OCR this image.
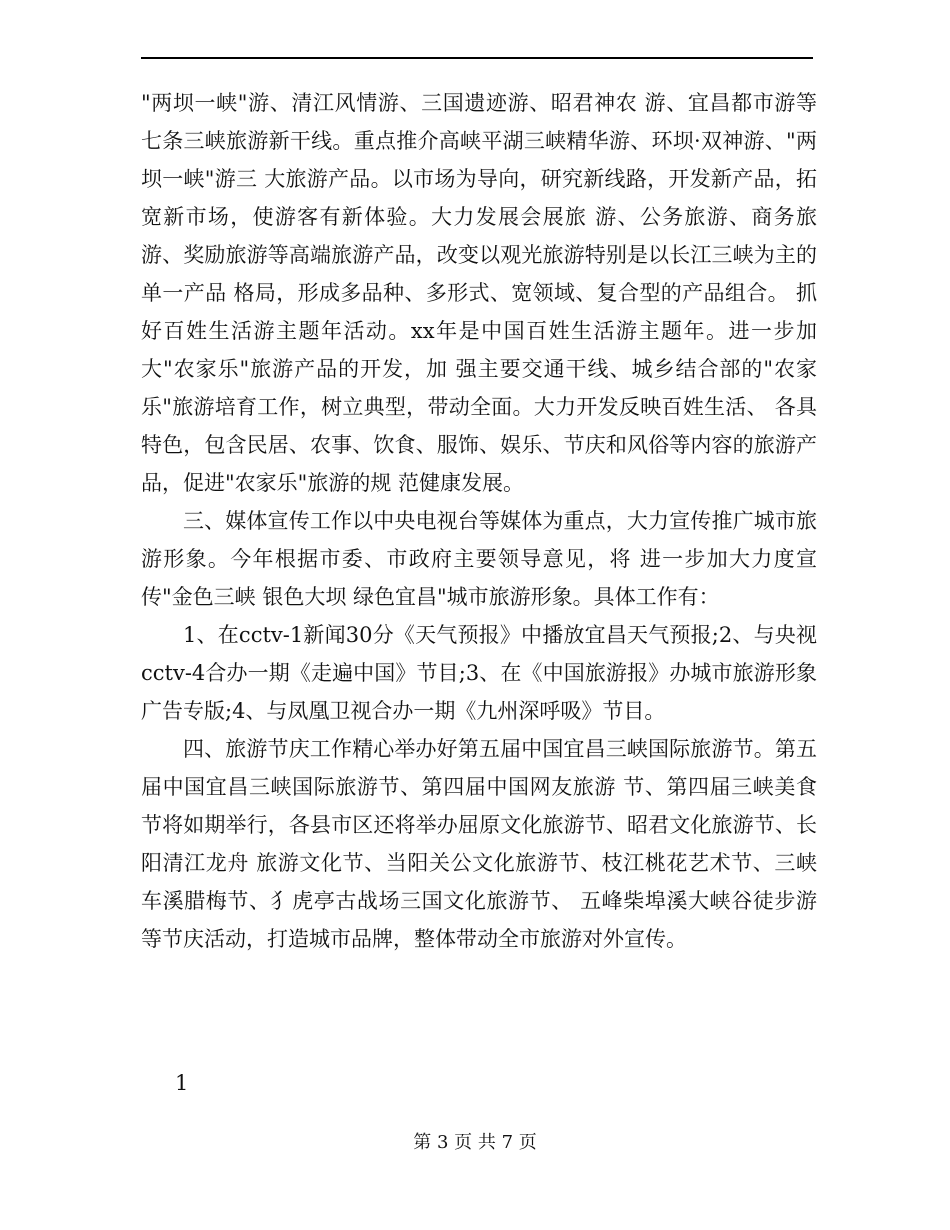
"两坝一峡"游、清江风情游、三国遗迹游、昭君神农 游、宜昌都市游等七条三峡旅游新干线。重点推介高峡平湖三峡精华游、环坝·双神游、"两坝一峡"游三 大旅游产品。以市场为导向，研究新线路，开发新产品，拓宽新市场，使游客有新体验。大力发展会展旅 游、公务旅游、商务旅游、奖励旅游等高端旅游产品，改变以观光旅游特别是以长江三峡为主的单一产品 格局，形成多品种、多形式、宽领域、复合型的产品组合。 抓好百姓生活游主题年活动。xx年是中国百姓生活游主题年。进一步加大"农家乐"旅游产品的开发，加 强主要交通干线、城乡结合部的"农家乐"旅游培育工作，树立典型，带动全面。大力开发反映百姓生活、 各具特色，包含民居、农事、饮食、服饰、娱乐、节庆和风俗等内容的旅游产品，促进"农家乐"旅游的规 范健康发展。

三、媒体宣传工作以中央电视台等媒体为重点，大力宣传推广城市旅游形象。今年根据市委、市政府主要领导意见，将 进一步加大力度宣传"金色三峡 银色大坝 绿色宜昌"城市旅游形象。具体工作有：

1、在cctv-1新闻30分《天气预报》中播放宜昌天气预报;2、与央视cctv-4合办一期《走遍中国》节目;3、在《中国旅游报》办城市旅游形象广告专版;4、与凤凰卫视合办一期《九州深呼吸》节目。

四、旅游节庆工作精心举办好第五届中国宜昌三峡国际旅游节。第五届中国宜昌三峡国际旅游节、第四届中国网友旅游 节、第四届三峡美食节将如期举行，各县市区还将举办屈原文化旅游节、昭君文化旅游节、长阳清江龙舟 旅游文化节、当阳关公文化旅游节、枝江桃花艺术节、三峡车溪腊梅节、犭虎亭古战场三国文化旅游节、 五峰柴埠溪大峡谷徒步游等节庆活动，打造城市品牌，整体带动全市旅游对外宣传。

1
第 3 页 共 7 页
